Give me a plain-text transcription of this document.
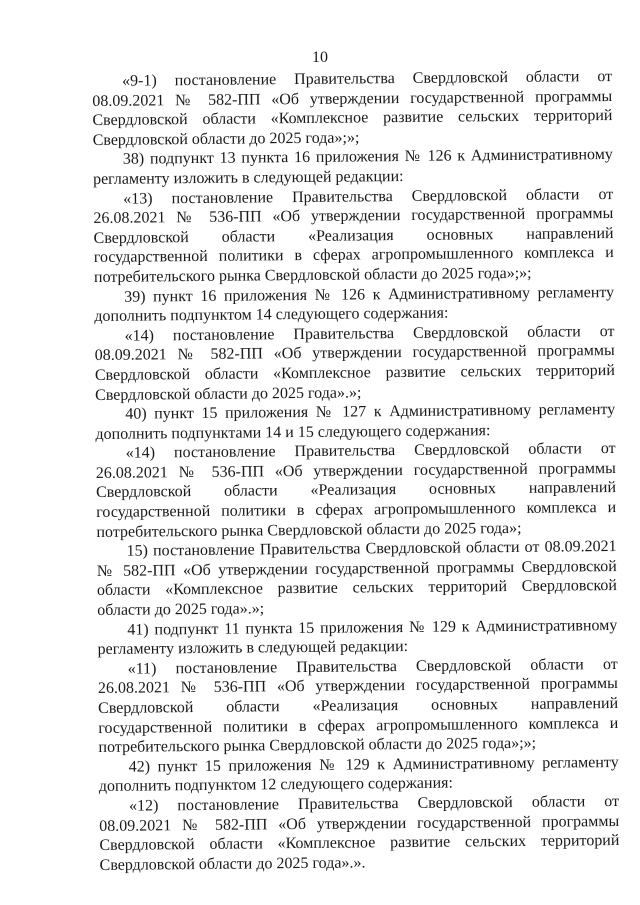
10

«9-1) постановление Правительства Свердловской области от 08.09.2021 № 582-ПП «Об утверждении государственной программы Свердловской области «Комплексное развитие сельских территорий Свердловской области до 2025 года»;»;

38) подпункт 13 пункта 16 приложения № 126 к Административному регламенту изложить в следующей редакции:

«13) постановление Правительства Свердловской области от 26.08.2021 № 536-ПП «Об утверждении государственной программы Свердловской области «Реализация основных направлений государственной политики в сферах агропромышленного комплекса и потребительского рынка Свердловской области до 2025 года»;»;

39) пункт 16 приложения № 126 к Административному регламенту дополнить подпунктом 14 следующего содержания:

«14) постановление Правительства Свердловской области от 08.09.2021 № 582-ПП «Об утверждении государственной программы Свердловской области «Комплексное развитие сельских территорий Свердловской области до 2025 года».»;

40) пункт 15 приложения № 127 к Административному регламенту дополнить подпунктами 14 и 15 следующего содержания:

«14) постановление Правительства Свердловской области от 26.08.2021 № 536-ПП «Об утверждении государственной программы Свердловской области «Реализация основных направлений государственной политики в сферах агропромышленного комплекса и потребительского рынка Свердловской области до 2025 года»;

15) постановление Правительства Свердловской области от 08.09.2021 № 582-ПП «Об утверждении государственной программы Свердловской области «Комплексное развитие сельских территорий Свердловской области до 2025 года».»;

41) подпункт 11 пункта 15 приложения № 129 к Административному регламенту изложить в следующей редакции:

«11) постановление Правительства Свердловской области от 26.08.2021 № 536-ПП «Об утверждении государственной программы Свердловской области «Реализация основных направлений государственной политики в сферах агропромышленного комплекса и потребительского рынка Свердловской области до 2025 года»;»;

42) пункт 15 приложения № 129 к Административному регламенту дополнить подпунктом 12 следующего содержания:

«12) постановление Правительства Свердловской области от 08.09.2021 № 582-ПП «Об утверждении государственной программы Свердловской области «Комплексное развитие сельских территорий Свердловской области до 2025 года».».
